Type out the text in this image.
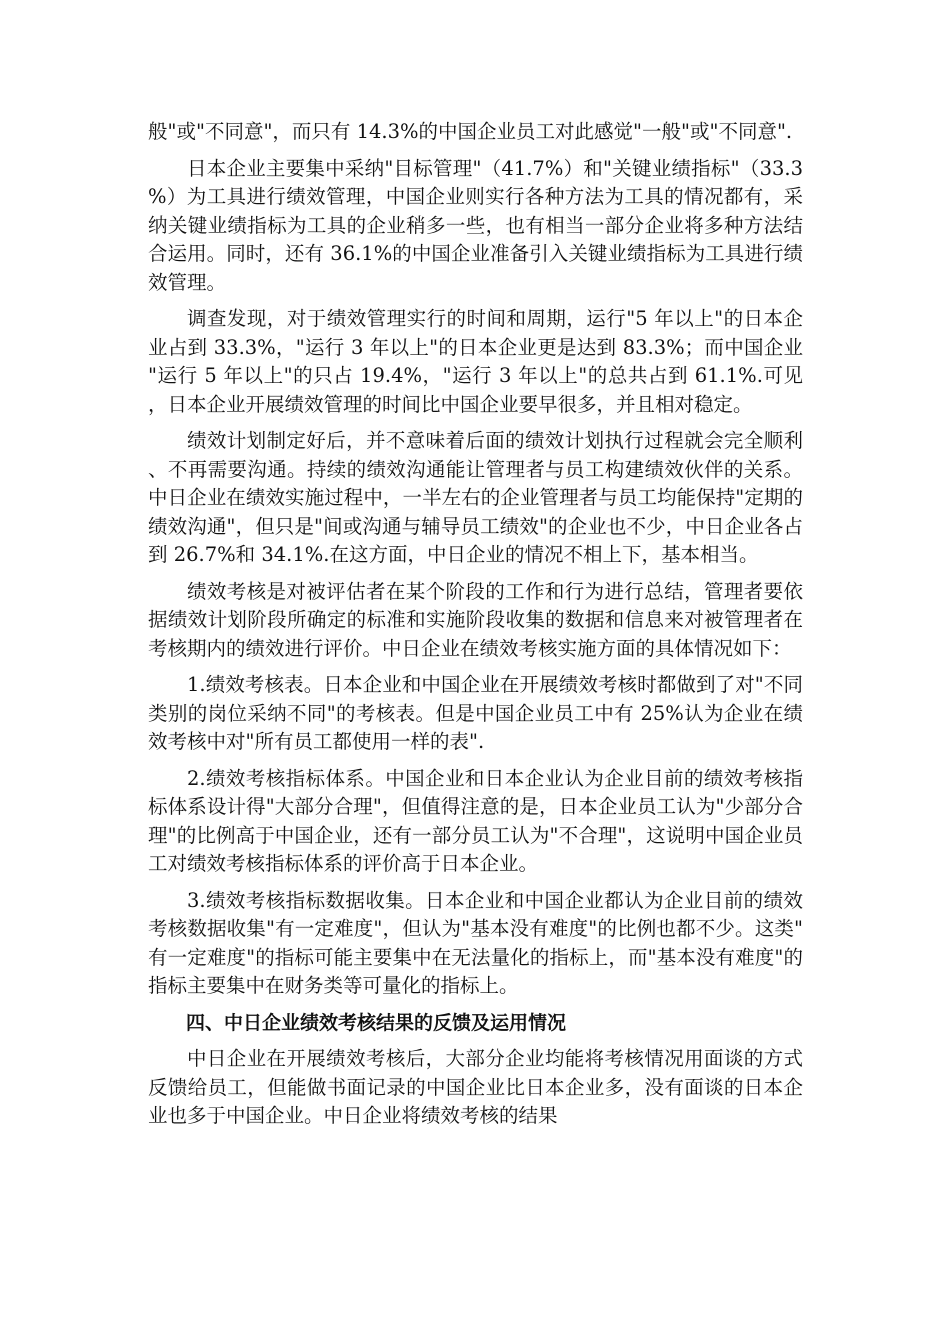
般"或"不同意"，而只有 14.3%的中国企业员工对此感觉"一般"或"不同意".

日本企业主要集中采纳"目标管理"（41.7%）和"关键业绩指标"（33.3%）为工具进行绩效管理，中国企业则实行各种方法为工具的情况都有，采纳关键业绩指标为工具的企业稍多一些，也有相当一部分企业将多种方法结合运用。同时，还有 36.1%的中国企业准备引入关键业绩指标为工具进行绩效管理。

调查发现，对于绩效管理实行的时间和周期，运行"5 年以上"的日本企业占到 33.3%，"运行 3 年以上"的日本企业更是达到 83.3%；而中国企业"运行 5 年以上"的只占 19.4%，"运行 3 年以上"的总共占到 61.1%.可见，日本企业开展绩效管理的时间比中国企业要早很多，并且相对稳定。

绩效计划制定好后，并不意味着后面的绩效计划执行过程就会完全顺利、不再需要沟通。持续的绩效沟通能让管理者与员工构建绩效伙伴的关系。中日企业在绩效实施过程中，一半左右的企业管理者与员工均能保持"定期的绩效沟通"，但只是"间或沟通与辅导员工绩效"的企业也不少，中日企业各占到 26.7%和 34.1%.在这方面，中日企业的情况不相上下，基本相当。

绩效考核是对被评估者在某个阶段的工作和行为进行总结，管理者要依据绩效计划阶段所确定的标准和实施阶段收集的数据和信息来对被管理者在考核期内的绩效进行评价。中日企业在绩效考核实施方面的具体情况如下：

1.绩效考核表。日本企业和中国企业在开展绩效考核时都做到了对"不同类别的岗位采纳不同"的考核表。但是中国企业员工中有 25%认为企业在绩效考核中对"所有员工都使用一样的表".

2.绩效考核指标体系。中国企业和日本企业认为企业目前的绩效考核指标体系设计得"大部分合理"，但值得注意的是，日本企业员工认为"少部分合理"的比例高于中国企业，还有一部分员工认为"不合理"，这说明中国企业员工对绩效考核指标体系的评价高于日本企业。

3.绩效考核指标数据收集。日本企业和中国企业都认为企业目前的绩效考核数据收集"有一定难度"，但认为"基本没有难度"的比例也都不少。这类"有一定难度"的指标可能主要集中在无法量化的指标上，而"基本没有难度"的指标主要集中在财务类等可量化的指标上。

四、中日企业绩效考核结果的反馈及运用情况

中日企业在开展绩效考核后，大部分企业均能将考核情况用面谈的方式反馈给员工，但能做书面记录的中国企业比日本企业多，没有面谈的日本企业也多于中国企业。中日企业将绩效考核的结果
